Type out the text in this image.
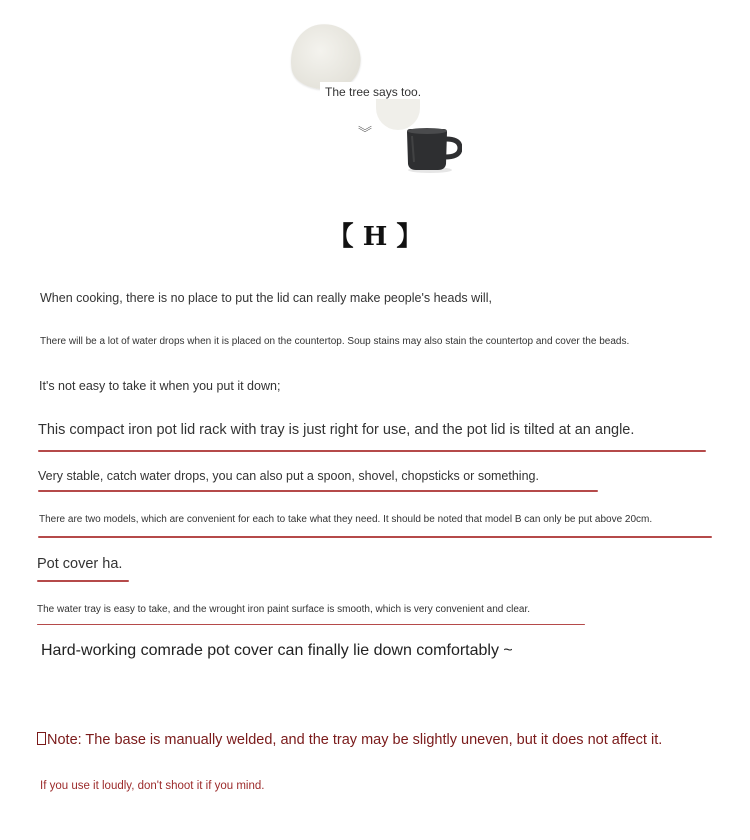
The tree says too.
︾
【 H 】
When cooking, there is no place to put the lid can really make people's heads will,
There will be a lot of water drops when it is placed on the countertop. Soup stains may also stain the countertop and cover the beads.
It's not easy to take it when you put it down;
This compact iron pot lid rack with tray is just right for use, and the pot lid is tilted at an angle.
Very stable, catch water drops, you can also put a spoon, shovel, chopsticks or something.
There are two models, which are convenient for each to take what they need. It should be noted that model B can only be put above 20cm.
Pot cover ha.
The water tray is easy to take, and the wrought iron paint surface is smooth, which is very convenient and clear.
Hard-working comrade pot cover can finally lie down comfortably ~
Note: The base is manually welded, and the tray may be slightly uneven, but it does not affect it.
If you use it loudly, don't shoot it if you mind.
